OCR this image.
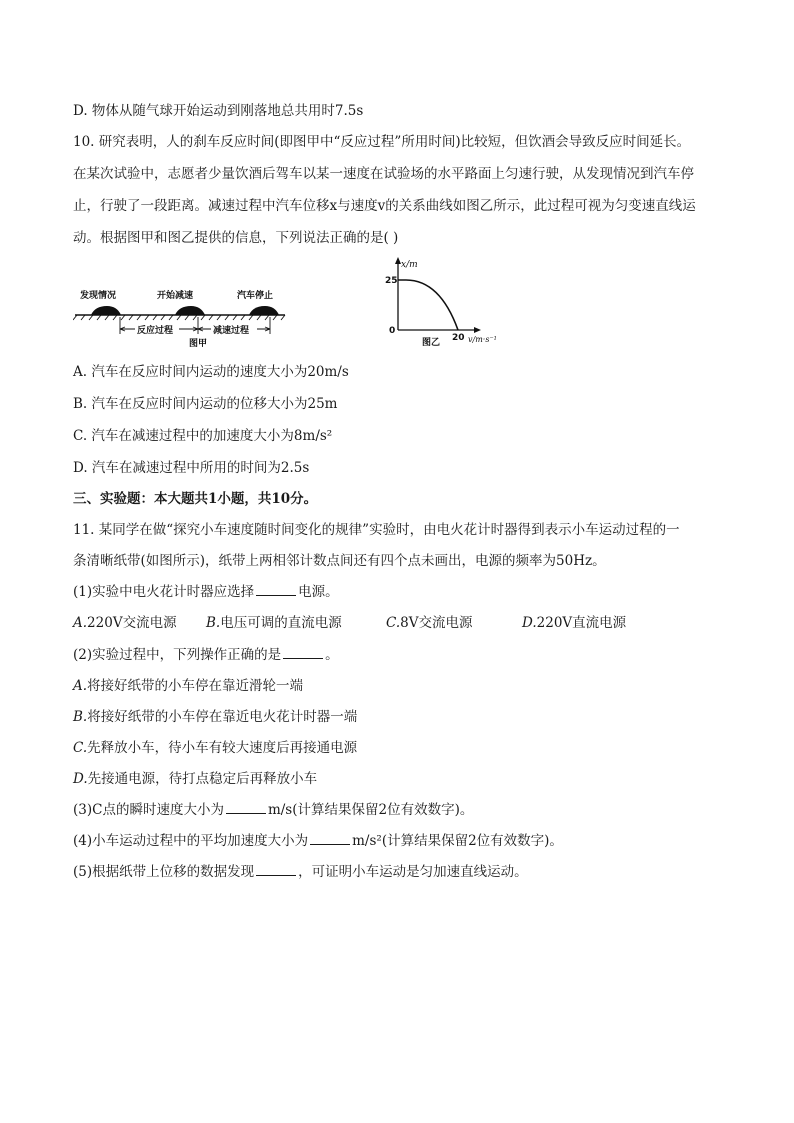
D. 物体从随气球开始运动到刚落地总共用时7.5s
10. 研究表明，人的刹车反应时间(即图甲中“反应过程”所用时间)比较短，但饮酒会导致反应时间延长。
在某次试验中，志愿者少量饮酒后驾车以某一速度在试验场的水平路面上匀速行驶，从发现情况到汽车停
止，行驶了一段距离。减速过程中汽车位移x与速度v的关系曲线如图乙所示，此过程可视为匀变速直线运
动。根据图甲和图乙提供的信息，下列说法正确的是( )
发现情况	开始减速	汽车停止
反应过程	减速过程
图甲
x/m
25
0
20 v/m·s⁻¹
图乙
A. 汽车在反应时间内运动的速度大小为20m/s
B. 汽车在反应时间内运动的位移大小为25m
C. 汽车在减速过程中的加速度大小为8m/s²
D. 汽车在减速过程中所用的时间为2.5s
三、实验题：本大题共1小题，共10分。
11. 某同学在做“探究小车速度随时间变化的规律”实验时，由电火花计时器得到表示小车运动过程的一
条清晰纸带(如图所示)，纸带上两相邻计数点间还有四个点未画出，电源的频率为50Hz。
(1)实验中电火花计时器应选择	电源。
A.220V交流电源 B.电压可调的直流电源	C.8V交流电源	D.220V直流电源
(2)实验过程中，下列操作正确的是	。
A.将接好纸带的小车停在靠近滑轮一端
B.将接好纸带的小车停在靠近电火花计时器一端
C.先释放小车，待小车有较大速度后再接通电源
D.先接通电源，待打点稳定后再释放小车
(3)C点的瞬时速度大小为	m/s(计算结果保留2位有效数字)。
(4)小车运动过程中的平均加速度大小为	m/s²(计算结果保留2位有效数字)。
(5)根据纸带上位移的数据发现	，可证明小车运动是匀加速直线运动。
